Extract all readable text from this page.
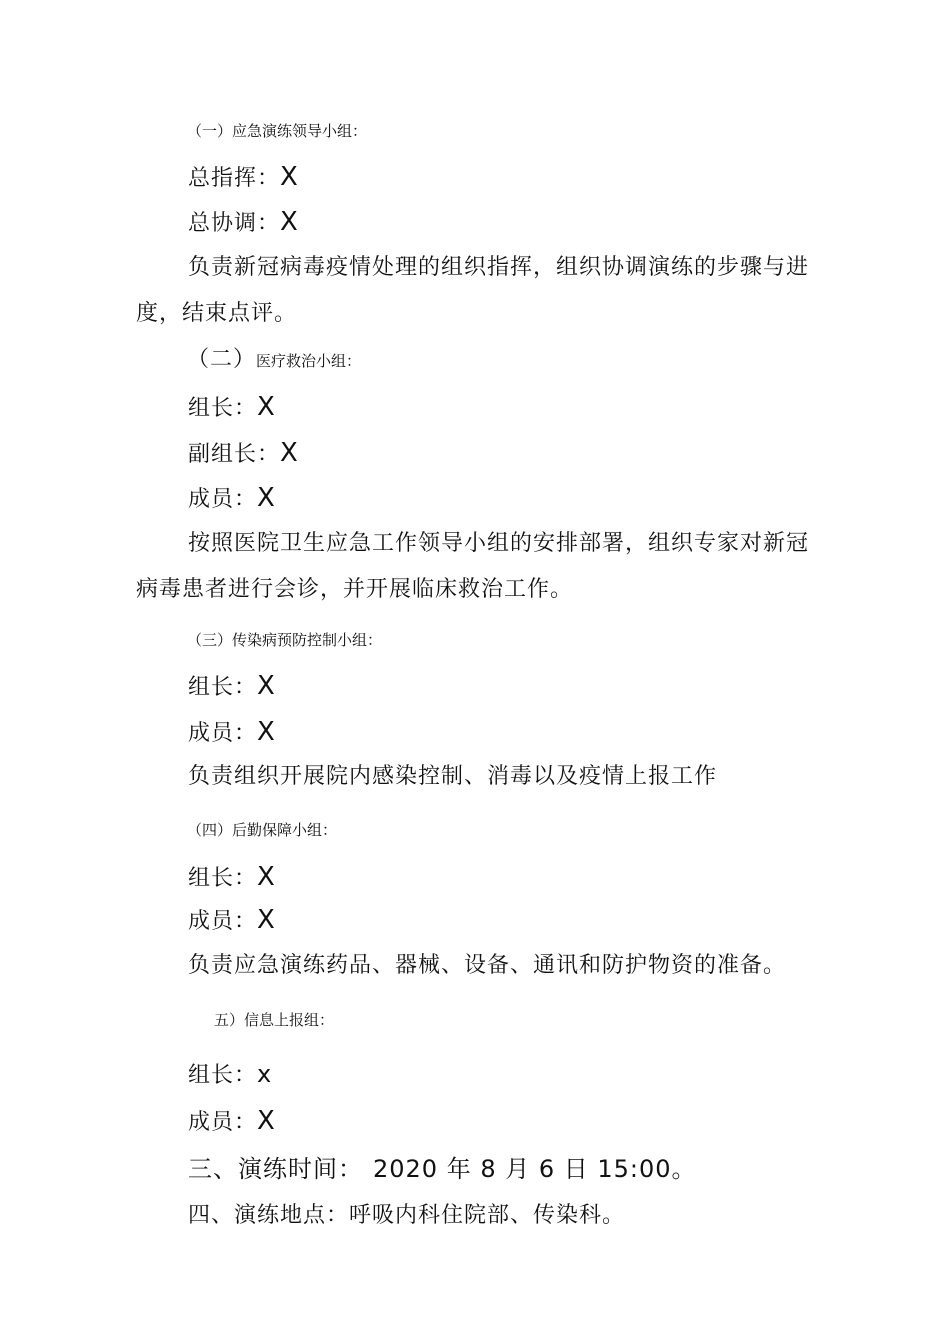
（一）应急演练领导小组：
总指挥：X
总协调：X
负责新冠病毒疫情处理的组织指挥，组织协调演练的步骤与进
度，结束点评。
（二）医疗救治小组：
组长：X
副组长：X
成员：X
按照医院卫生应急工作领导小组的安排部署，组织专家对新冠
病毒患者进行会诊，并开展临床救治工作。
（三）传染病预防控制小组：
组长：X
成员：X
负责组织开展院内感染控制、消毒以及疫情上报工作
（四）后勤保障小组：
组长：X
成员：X
负责应急演练药品、器械、设备、通讯和防护物资的准备。
五）信息上报组：
组长：x
成员：X
三、演练时间： 2020 年 8 月 6 日 15:00。
四、演练地点：呼吸内科住院部、传染科。
